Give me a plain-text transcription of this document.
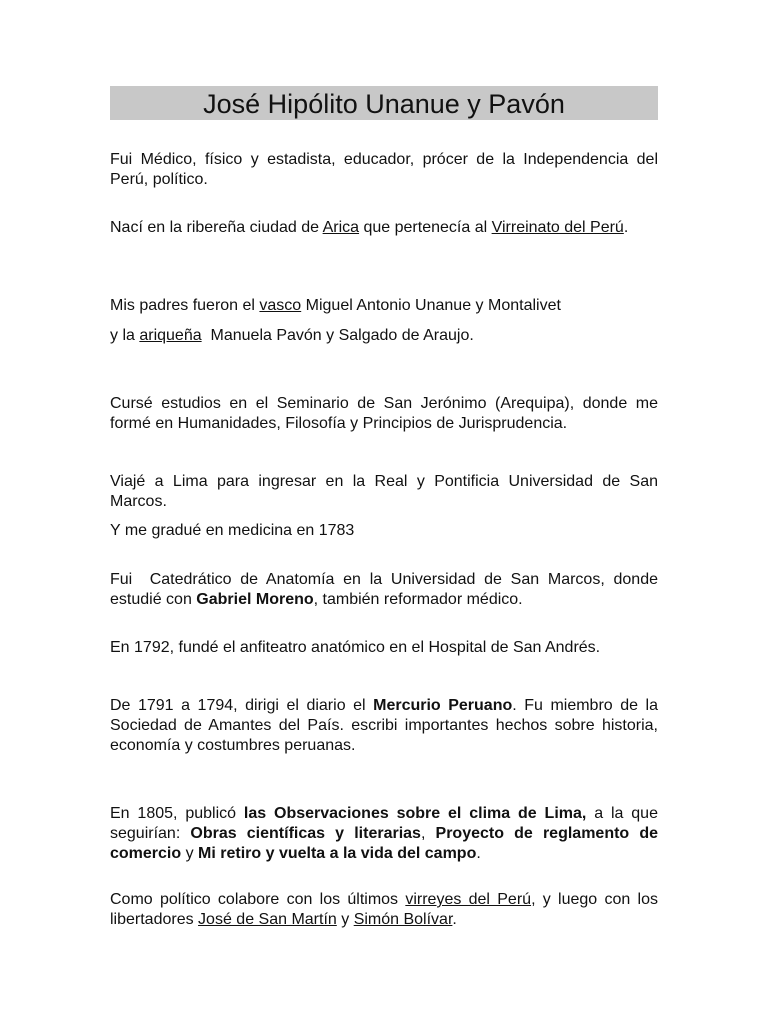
José Hipólito Unanue y Pavón

Fui Médico, físico y estadista, educador, prócer de la Independencia del Perú, político.

Nací en la ribereña ciudad de Arica que pertenecía al Virreinato del Perú.

Mis padres fueron el vasco Miguel Antonio Unanue y Montalivet

y la ariqueña  Manuela Pavón y Salgado de Araujo.

Cursé estudios en el Seminario de San Jerónimo (Arequipa), donde me formé en Humanidades, Filosofía y Principios de Jurisprudencia.

Viajé a Lima para ingresar en la Real y Pontificia Universidad de San Marcos.

Y me gradué en medicina en 1783

Fui  Catedrático de Anatomía en la Universidad de San Marcos, donde estudié con Gabriel Moreno, también reformador médico.

En 1792, fundé el anfiteatro anatómico en el Hospital de San Andrés.

De 1791 a 1794, dirigi el diario el Mercurio Peruano. Fu miembro de la Sociedad de Amantes del País. escribi importantes hechos sobre historia, economía y costumbres peruanas.

En 1805, publicó las Observaciones sobre el clima de Lima, a la que seguirían: Obras científicas y literarias, Proyecto de reglamento de comercio y Mi retiro y vuelta a la vida del campo.

Como político colabore con los últimos virreyes del Perú, y luego con los libertadores José de San Martín y Simón Bolívar.
